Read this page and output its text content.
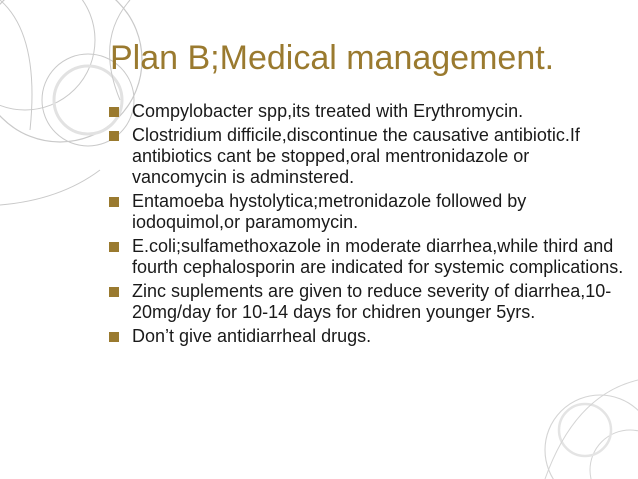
Plan B;Medical management.
Compylobacter spp,its treated with Erythromycin.
Clostridium difficile,discontinue the causative antibiotic.If antibiotics cant be stopped,oral mentronidazole or vancomycin is adminstered.
Entamoeba hystolytica;metronidazole followed by iodoquimol,or paramomycin.
E.coli;sulfamethoxazole in moderate diarrhea,while third and fourth cephalosporin are indicated for systemic complications.
Zinc suplements are given to reduce severity of diarrhea,10-20mg/day for 10-14 days for chidren younger 5yrs.
Don’t give antidiarrheal drugs.
